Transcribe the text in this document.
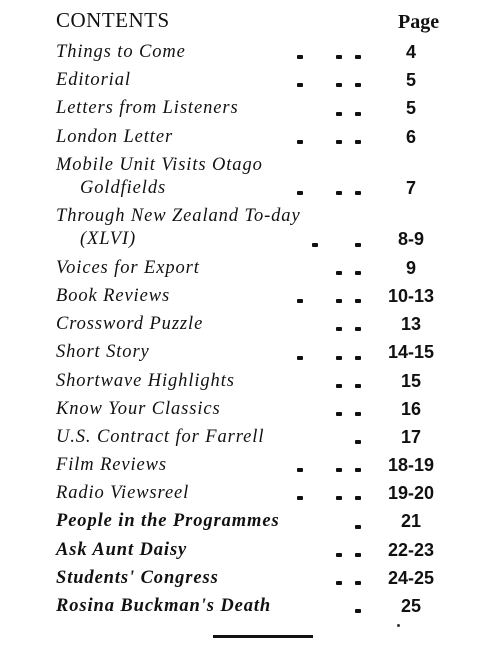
CONTENTS	Page
Things to Come	4
Editorial	5
Letters from Listeners	5
London Letter	6
Mobile Unit Visits Otago
Goldfields	7
Through New Zealand To-day
(XLVI)	8-9
Voices for Export	9
Book Reviews	10-13
Crossword Puzzle	13
Short Story	14-15
Shortwave Highlights	15
Know Your Classics	16
U.S. Contract for Farrell	17
Film Reviews	18-19
Radio Viewsreel	19-20
People in the Programmes	21
Ask Aunt Daisy	22-23
Students' Congress	24-25
Rosina Buckman's Death	25
